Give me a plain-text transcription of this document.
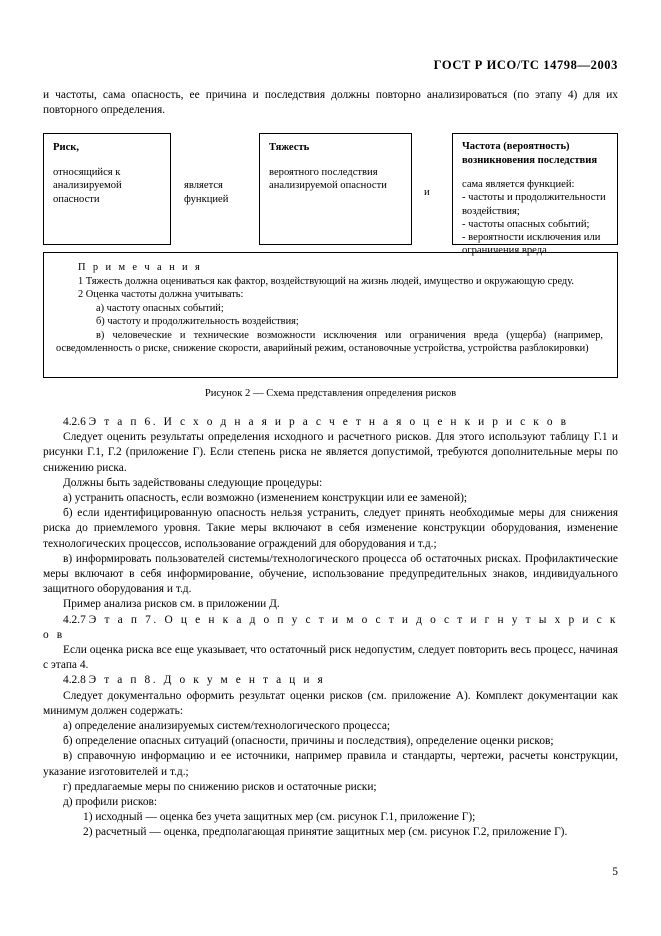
ГОСТ Р ИСО/ТС 14798—2003

и частоты, сама опасность, ее причина и последствия должны повторно анализироваться (по этапу 4) для их повторного определения.

Риск,
относящийся к
анализируемой
опасности
является функцией
Тяжесть
вероятного последствия
анализируемой опасности
и
Частота (вероятность)
возникновения последствия
сама является функцией:
- частоты и продолжительности
воздействия;
- частоты опасных событий;
- вероятности исключения или
ограничения вреда

П р и м е ч а н и я

1 Тяжесть должна оцениваться как фактор, воздействующий на жизнь людей, имущество и окружающую среду.

2 Оценка частоты должна учитывать:

а) частоту опасных событий;

б) частоту и продолжительность воздействия;

в) человеческие и технические возможности исключения или ограничения вреда (ущерба) (например, осведомленность о риске, снижение скорости, аварийный режим, остановочные устройства, устройства разблокировки)

Рисунок 2 — Схема представления определения рисков

4.2.6 Э т а п 6. И с х о д н а я и р а с ч е т н а я о ц е н к и р и с к о в

Следует оценить результаты определения исходного и расчетного рисков. Для этого используют таблицу Г.1 и рисунки Г.1, Г.2 (приложение Г). Если степень риска не является допустимой, требуются дополнительные меры по снижению риска.

Должны быть задействованы следующие процедуры:

а) устранить опасность, если возможно (изменением конструкции или ее заменой);

б) если идентифицированную опасность нельзя устранить, следует принять необходимые меры для снижения риска до приемлемого уровня. Такие меры включают в себя изменение конструкции оборудования, изменение технологических процессов, использование ограждений для оборудования и т.д.;

в) информировать пользователей системы/технологического процесса об остаточных рисках. Профилактические меры включают в себя информирование, обучение, использование предупредительных знаков, индивидуального защитного оборудования и т.д.

Пример анализа рисков см. в приложении Д.

4.2.7 Э т а п 7. О ц е н к а д о п у с т и м о с т и д о с т и г н у т ы х р и с к о в

Если оценка риска все еще указывает, что остаточный риск недопустим, следует повторить весь процесс, начиная с этапа 4.

4.2.8 Э т а п 8. Д о к у м е н т а ц и я

Следует документально оформить результат оценки рисков (см. приложение А). Комплект документации как минимум должен содержать:

а) определение анализируемых систем/технологического процесса;

б) определение опасных ситуаций (опасности, причины и последствия), определение оценки рисков;

в) справочную информацию и ее источники, например правила и стандарты, чертежи, расчеты конструкции, указание изготовителей и т.д.;

г) предлагаемые меры по снижению рисков и остаточные риски;

д) профили рисков:

1) исходный — оценка без учета защитных мер (см. рисунок Г.1, приложение Г);

2) расчетный — оценка, предполагающая принятие защитных мер (см. рисунок Г.2, приложение Г).

5
